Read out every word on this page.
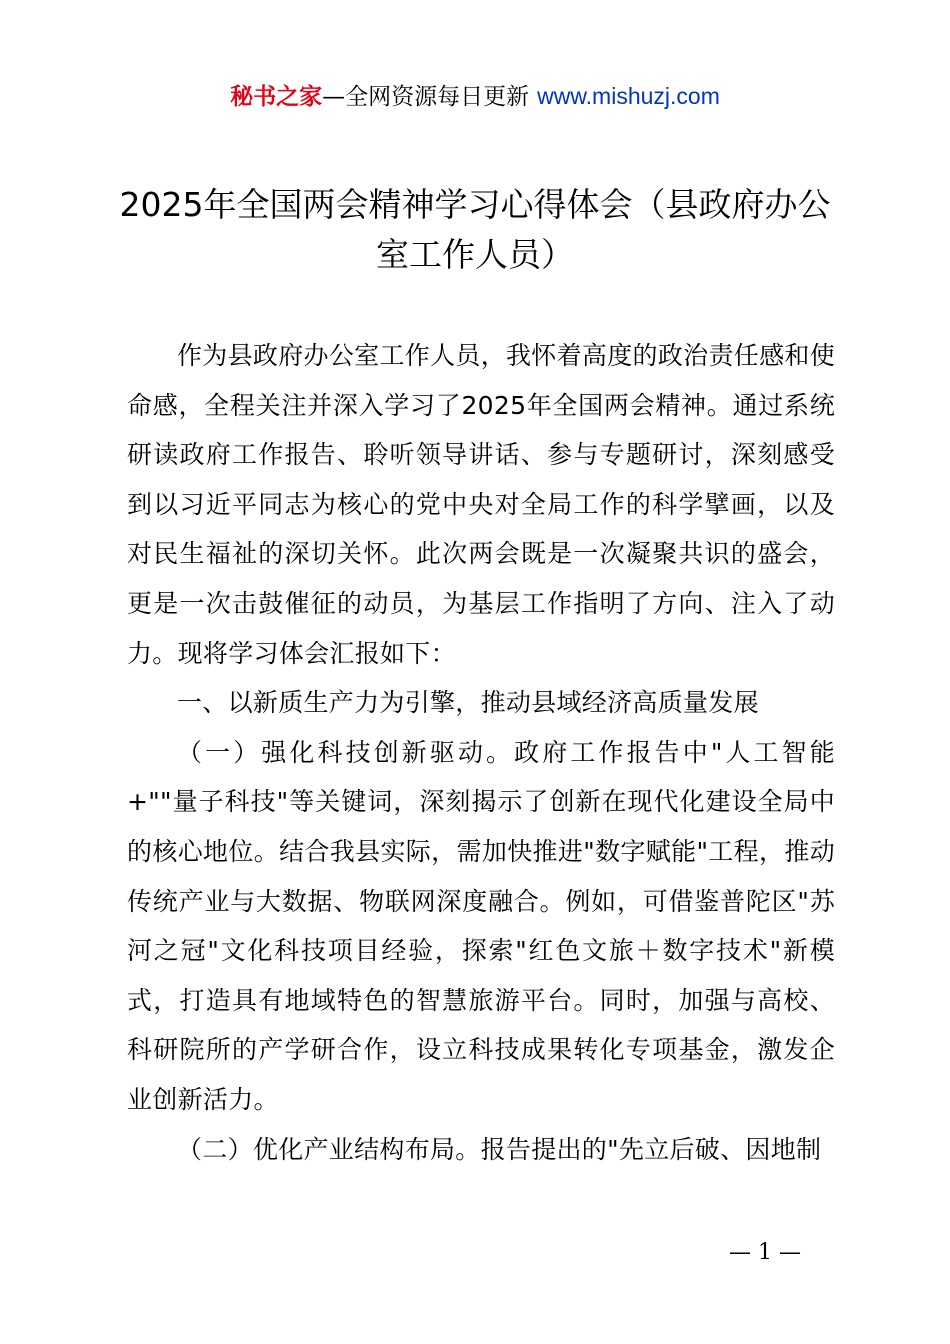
秘书之家—全网资源每日更新 www.mishuzj.com
2025年全国两会精神学习心得体会（县政府办公室工作人员）

作为县政府办公室工作人员，我怀着高度的政治责任感和使命感，全程关注并深入学习了2025年全国两会精神。通过系统研读政府工作报告、聆听领导讲话、参与专题研讨，深刻感受到以习近平同志为核心的党中央对全局工作的科学擘画，以及对民生福祉的深切关怀。此次两会既是一次凝聚共识的盛会，更是一次击鼓催征的动员，为基层工作指明了方向、注入了动力。现将学习体会汇报如下：

一、以新质生产力为引擎，推动县域经济高质量发展

（一）强化科技创新驱动。政府工作报告中"人工智能+""量子科技"等关键词，深刻揭示了创新在现代化建设全局中的核心地位。结合我县实际，需加快推进"数字赋能"工程，推动传统产业与大数据、物联网深度融合。例如，可借鉴普陀区"苏河之冠"文化科技项目经验，探索"红色文旅＋数字技术"新模式，打造具有地域特色的智慧旅游平台。同时，加强与高校、科研院所的产学研合作，设立科技成果转化专项基金，激发企业创新活力。

（二）优化产业结构布局。报告提出的"先立后破、因地制

— 1 —
